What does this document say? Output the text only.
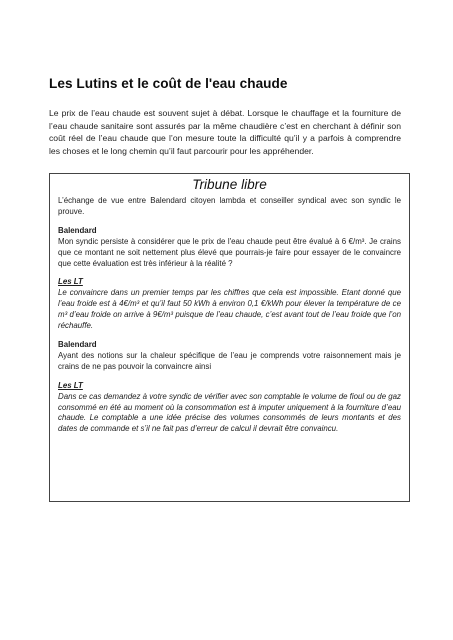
Les Lutins et le coût de l'eau chaude

Le prix de l’eau chaude est souvent sujet à débat. Lorsque le chauffage et la fourniture de l’eau chaude sanitaire sont assurés par la même chaudière c’est en cherchant à définir son coût réel de l’eau chaude que l’on mesure toute la difficulté qu’il y a parfois à comprendre les choses et le long chemin qu’il faut parcourir pour les appréhender.

Tribune libre

L’échange de vue entre Balendard citoyen lambda et conseiller syndical avec son syndic le prouve.

Balendard

Mon syndic persiste à considérer que le prix de l'eau chaude peut être évalué à 6 €/m³. Je crains que ce montant ne soit nettement plus élevé que pourrais-je faire pour essayer de le convaincre que cette évaluation est très inférieur à la réalité ?

Les LT

Le convaincre dans un premier temps par les chiffres que cela est impossible. Etant donné que l’eau froide est à 4€/m³ et qu’il faut 50 kWh à environ 0,1 €/kWh pour élever la température de ce m³ d’eau froide on arrive à 9€/m³ puisque de l’eau chaude, c’est avant tout de l’eau froide que l’on réchauffe.

Balendard

Ayant des notions sur la chaleur spécifique de l’eau je comprends votre raisonnement mais je crains de ne pas pouvoir la convaincre ainsi

Les LT

Dans ce cas demandez à votre syndic de vérifier avec son comptable le volume de fioul ou de gaz consommé en été au moment où la consommation est à imputer uniquement à la fourniture d’eau chaude. Le comptable a une idée précise des volumes consommés de leurs montants et des dates de commande et s’il ne fait pas d’erreur de calcul il devrait être convaincu.
